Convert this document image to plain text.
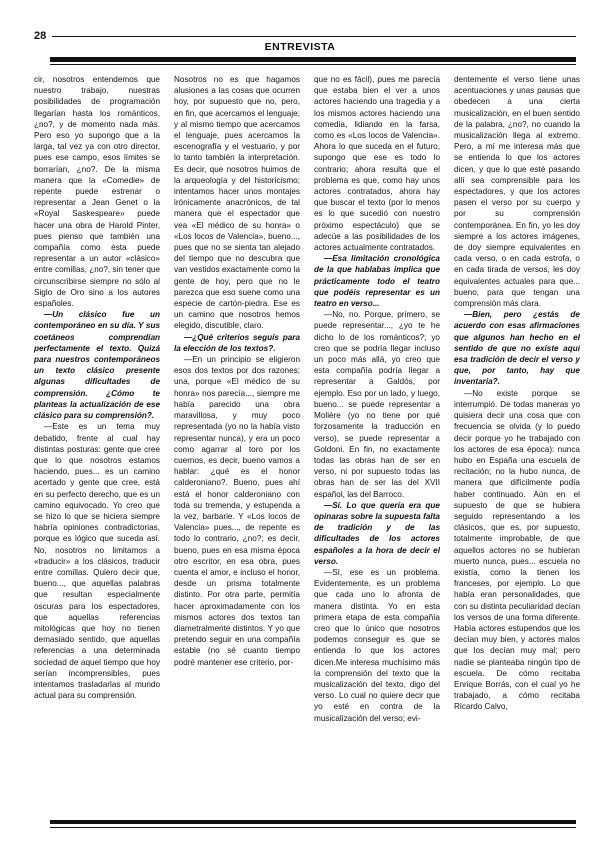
28
ENTREVISTA

cir, nosotros entendemos que nuestro trabajo, nuestras posibilidades de programación llegarían hasta los románticos, ¿no?, y de momento nada más. Pero eso yo supongo que a la larga, tal vez ya con otro director, pues ese campo, esos límites se borrarían, ¿no?. De la misma manera que la «Comedie» de repente puede estrenar o representar a Jean Genet o la «Royal Saskespeare» puede hacer una obra de Harold Pinter, pues pienso que también una compañía como ésta puede representar a un autor «clásico» entre comillas, ¿no?, sin tener que circunscribirse siempre no sólo al Siglo de Oro sino a los autores españoles.

—Un clásico fue un contemporáneo en su día. Y sus coetáneos comprendían perfectamente el texto. Quizá para nuestros contemporáneos un texto clásico presente algunas dificultades de comprensión. ¿Cómo te planteas la actualización de ese clásico para su comprensión?.

—Este es un tema muy debatido, frente al cual hay distintas posturas: gente que cree que lo que nosotros estamos haciendo, pues... es un camino acertado y gente que cree, está en su perfecto derecho, que es un camino equivocado. Yo creo que se hizo lo que se hiciera siempre habría opiniones contradictorias, porque es lógico que suceda así. No, nosotros no limitamos a «traducir» a los clásicos, traducir entre comillas. Quiero decir que, bueno..., que aquellas palabras que resultan especialmente oscuras para los espectadores, que aquellas referencias mitológicas que hoy no tienen demasiado sentido, que aquellas referencias a una determinada sociedad de aquel tiempo que hoy serían incomprensibles, pues intentamos trasladarlas al mundo actual para su comprensión.

Nosotros no es que hagamos alusiones a las cosas que ocurren hoy, por supuesto que no, pero, en fin, que acercamos el lenguaje; y al mismo tiempo que acercamos el lenguaje, pues acercamos la escenografía y el vestuario, y por lo tanto también la interpretación. Es decir, que nosotros huimos de la arqueología y del historicismo; intentamos hacer unos montajes irónicamente anacrónicos, de tal manera que el espectador que vea «El médico de su honra» o «Los locos de Valencia», bueno..., pues que no se sienta tan alejado del tiempo que no descubra que van vestidos exactamente como la gente de hoy, pero que no le parezca que eso suene como una especie de cartón-piedra. Ese es un camino que nosotros hemos elegido, discutible, claro.

—¿Qué criterios seguís para la elección de los textos?.

—En un principio se eligieron esos dos textos por dos razones; una, porque «El médico de su honra» nos parecía..., siempre me había parecido una obra maravillosa, y muy poco representada (yo no la había visto representar nunca), y era un poco como agarrar al toro por los cuernos, es decir, bueno vamos a hablar: ¿qué es el honor calderoniano?. Bueno, pues ahí está el honor calderoniano con toda su tremenda, y estupenda a la vez, barbarie. Y «Los locos de Valencia» pues..., de repente es todo lo contrario, ¿no?; es decir, bueno, pues en esa misma época otro escritor, en esa obra, pues cuenta el amor, e incluso el honor, desde un prisma totalmente distinto. Por otra parte, permitía hacer aproximadamente con los mismos actores dos textos tan diametralmente distintos. Y yo que pretendo seguir en una compañía estable (no sé cuanto tiempo podré mantener ese criterio, por-

que no es fácil), pues me parecía que estaba bien el ver a unos actores haciendo una tragedia y a los mismos actores haciendo una comedia, lidiando en la farsa, como es «Los locos de Valencia». Ahora lo que suceda en el futuro, supongo que ese es todo lo contrario; ahora resulta que el problema es que, como hay unos actores contratados, ahora hay que buscar el texto (por lo menos es lo que sucedió con nuestro próximo espectáculo) que se adecúe a las posibilidades de los actores actualmente contratados.

—Esa limitación cronológica de la que hablabas implica que prácticamente todo el teatro que podéis representar es un teatro en verso...

—No, no. Porque, primero, se puede representar..., ¿yo te he dicho lo de los románticos?; yo creo que se podría llegar incluso un poco más allá, yo creo que esta compañía podría llegar a representar a Galdós, por ejemplo. Eso por un lado, y luego, bueno... se puede representar a Molière (yo no tiene por qué forzosamente la traducción en verso), se puede representar a Goldoni. En fin, no exactamente todas las obras han de ser en verso, ni por supuesto todas las obras han de ser las del XVII español, las del Barroco.

—Sí. Lo que quería era que opinaras sobre la supuesta falta de tradición y de las dificultades de los actores españoles a la hora de decir el verso.

—Sí, ese es un problema. Evidentemente, es un problema que cada uno lo afronta de manera distinta. Yo en esta primera etapa de esta compañía creo que lo único que nosotros podemos conseguir es que se entienda lo que los actores dicen.Me interesa muchísimo más la comprensión del texto que la musicalización del texto, digo del verso. Lo cual no quiere decir que yo esté en contra de la musicalización del verso; evi-

dentemente el verso tiene unas acentuaciones y unas pausas que obedecen a una cierta musicalización, en el buen sentido de la palabra, ¿no?, no cuando la musicalización llega al extremo. Pero, a mí me interesa más que se entienda lo que los actores dicen, y que lo que esté pasando allí sea comprensible para los espectadores, y que los actores pasen el verso por su cuerpo y por su comprensión contemporánea. En fin, yo les doy siempre a los actores imágenes, de doy siempre equivalentes en cada verso, o en cada estrofa, o en cada tirada de versos, les doy equivalentes actuales para que... bueno, para que tengan una comprensión más clara.

—Bien, pero ¿estás de acuerdo con esas afirmaciones que algunos han hecho en el sentido de que no existe aquí esa tradición de decir el verso y que, por tanto, hay que inventaria?.

—No existe porque se interrumpió. De todas maneras yo quisiera decir una cosa que con frecuencia se olvida (y lo puedo decir porque yo he trabajado con los actores de esa época): nunca hubo en España una escuela de recitación; no la hubo nunca, de manera que difícilmente podía haber continuado. Aún en el supuesto de que se hubiera seguido representando a los clásicos, que es, por supuesto, totalmente improbable, de que aquellos actores no se hubieran muerto nunca, pues... escuela no existía, como la tienen los franceses, por ejemplo. Lo que había eran personalidades, que con su distinta peculiaridad decían los versos de una forma diferente. Había actores estupendos que los decían muy bien, y actores malos que los decían muy mal; pero nadie se planteaba ningún tipo de escuela. De cómo recitaba Enrique Borrás, con el cual yo he trabajado, a cómo recitaba Ricardo Calvo,
